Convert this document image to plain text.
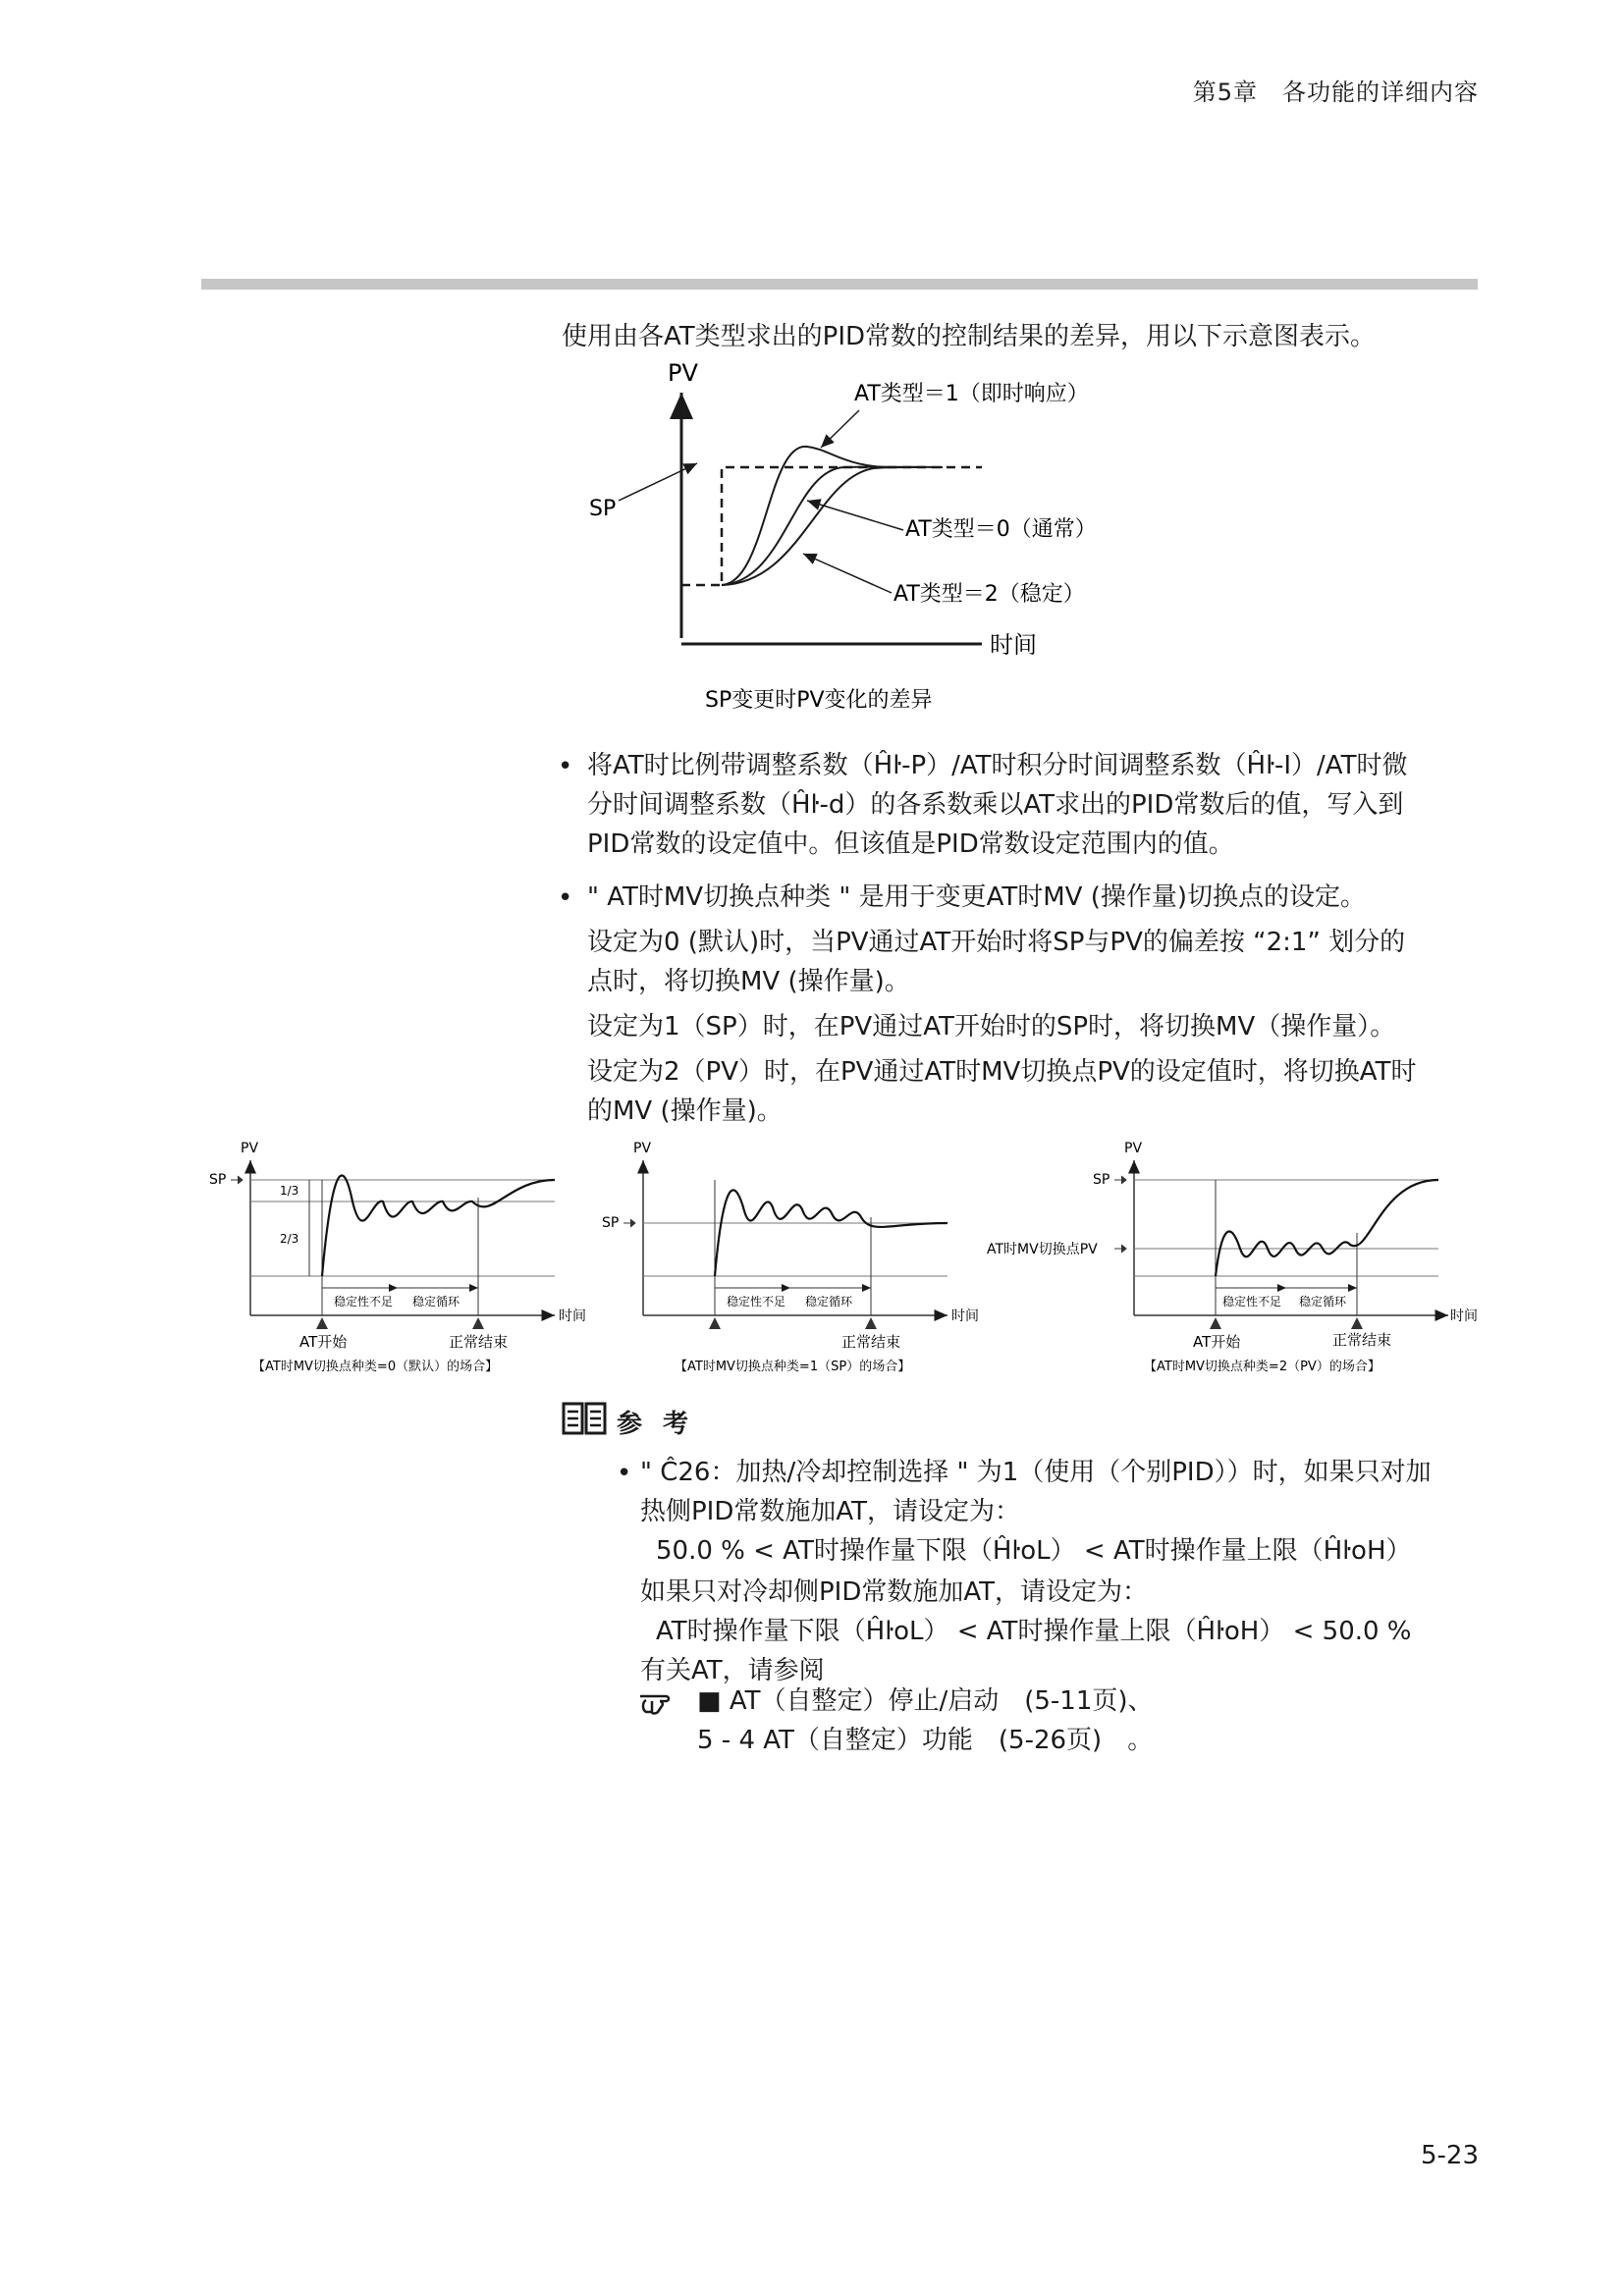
第5章　各功能的详细内容
使用由各AT类型求出的PID常数的控制结果的差异，用以下示意图表示。
PV
时间
AT类型＝1（即时响应）
SP
AT类型＝0（通常）
AT类型＝2（稳定）
SP变更时PV变化的差异
• 将AT时比例带调整系数（Ĥŀ-P）/AT时积分时间调整系数（Ĥŀ-I）/AT时微
分时间调整系数（Ĥŀ-d）的各系数乘以AT求出的PID常数后的值，写入到
PID常数的设定值中。但该值是PID常数设定范围内的值。
• " AT时MV切换点种类 " 是用于变更AT时MV (操作量)切换点的设定。
设定为0 (默认)时，当PV通过AT开始时将SP与PV的偏差按 “2:1” 划分的
点时，将切换MV (操作量)。
设定为1（SP）时，在PV通过AT开始时的SP时，将切换MV（操作量）。
设定为2（PV）时，在PV通过AT时MV切换点PV的设定值时，将切换AT时
的MV (操作量)。
PV
SP
1/3
2/3
稳定性不足 稳定循环
时间
AT开始	正常结束
【AT时MV切换点种类=0（默认）的场合】
PV
SP
稳定性不足 稳定循环
时间
正常结束
【AT时MV切换点种类=1（SP）的场合】
PV
SP
AT时MV切换点PV
稳定性不足 稳定循环
时间
AT开始	正常结束
【AT时MV切换点种类=2（PV）的场合】
参 考
• " Ĉ26：加热/冷却控制选择 " 为1（使用（个别PID））时，如果只对加
热侧PID常数施加AT，请设定为：
50.0 % < AT时操作量下限（ĤŀoL） < AT时操作量上限（ĤŀoH）
如果只对冷却侧PID常数施加AT，请设定为：
AT时操作量下限（ĤŀoL） < AT时操作量上限（ĤŀoH） < 50.0 %
有关AT，请参阅
■ AT（自整定）停止/启动　(5-11页)、
5 - 4 AT（自整定）功能　(5-26页)　。
5-23
